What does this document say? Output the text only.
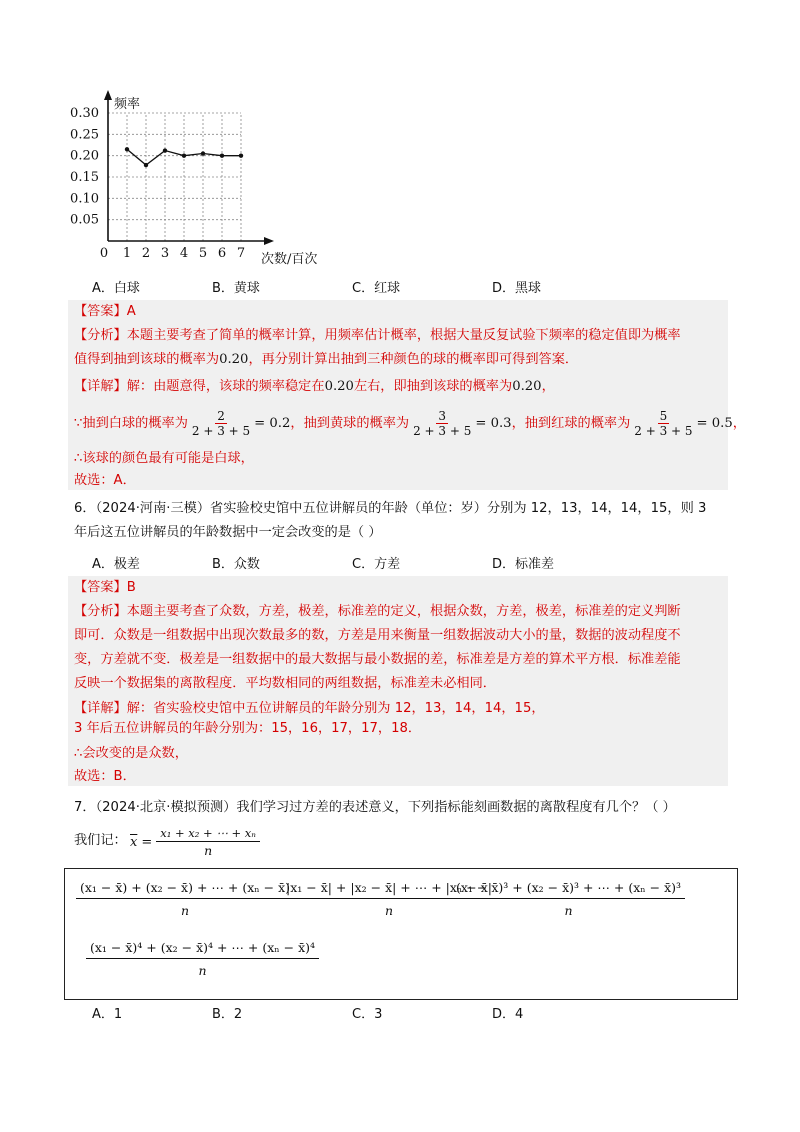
频率
次数/百次
0
0.05
0.10
0.15
0.20
0.25
0.30
1 2 3 4 5 6 7
A．白球	B．黄球	C．红球	D．黑球
【答案】A
【分析】本题主要考查了简单的概率计算，用频率估计概率，根据大量反复试验下频率的稳定值即为概率
值得到抽到该球的概率为0.20，再分别计算出抽到三种颜色的球的概率即可得到答案．
【详解】解：由题意得，该球的频率稳定在0.20左右，即抽到该球的概率为0.20，
∵抽到白球的概率为 $\frac{2}{2 + 3 + 5} = 0.2$，抽到黄球的概率为 $\frac{3}{2 + 3 + 5} = 0.3$，抽到红球的概率为 $\frac{5}{2 + 3 + 5} = 0.5$，
∴该球的颜色最有可能是白球，
故选：A．
6．（2024·河南·三模）省实验校史馆中五位讲解员的年龄（单位：岁）分别为 12，13，14，14，15，则 3
年后这五位讲解员的年龄数据中一定会改变的是（ ）
A．极差	B．众数	C．方差	D．标准差
【答案】B
【分析】本题主要考查了众数，方差，极差，标准差的定义，根据众数，方差，极差，标准差的定义判断
即可．众数是一组数据中出现次数最多的数，方差是用来衡量一组数据波动大小的量，数据的波动程度不
变，方差就不变．极差是一组数据中的最大数据与最小数据的差，标准差是方差的算术平方根．标准差能
反映一个数据集的离散程度．平均数相同的两组数据，标准差未必相同．
【详解】解：省实验校史馆中五位讲解员的年龄分别为 12，13，14，14，15，
3 年后五位讲解员的年龄分别为：15，16，17，17，18．
∴会改变的是众数，
故选：B．
7．（2024·北京·模拟预测）我们学习过方差的表述意义，下列指标能刻画数据的离散程度有几个？（ ）
我们记： $\overline{x} = \frac{\text{x₁ + x₂ + ⋯ + xₙ}}{n}$
$\frac{\text{(x₁ − x̄) + (x₂ − x̄) + ⋯ + (xₙ − x̄)}}{n}$
$\frac{\text{|x₁ − x̄| + |x₂ − x̄| + ⋯ + |xₙ − x̄|}}{n}$
$\frac{\text{(x₁ − x̄)³ + (x₂ − x̄)³ + ⋯ + (xₙ − x̄)³}}{n}$
$\frac{\text{(x₁ − x̄)⁴ + (x₂ − x̄)⁴ + ⋯ + (xₙ − x̄)⁴}}{n}$
A．1	B．2	C．3	D．4
